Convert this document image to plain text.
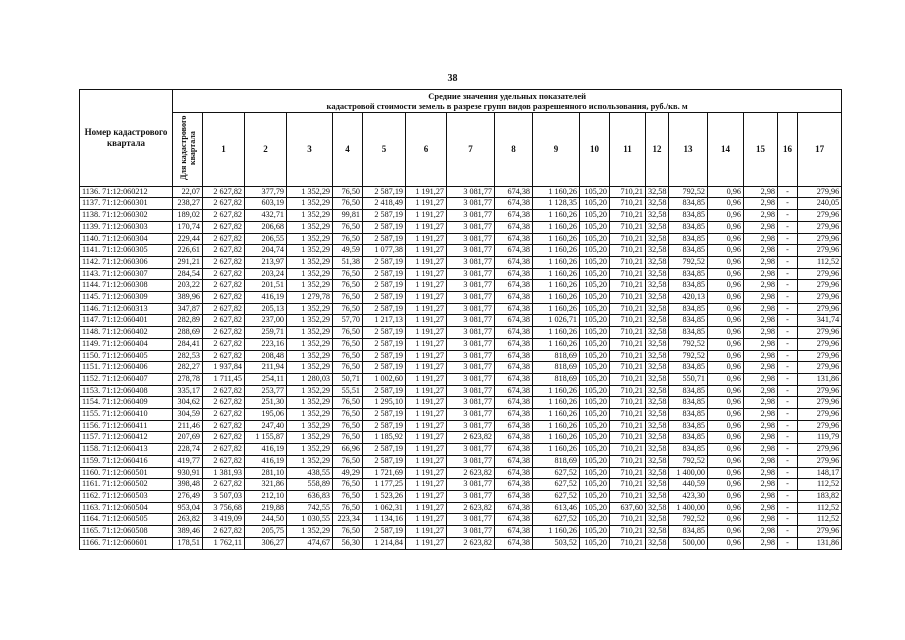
38
Номер кадастрового квартала	Средние значения удельных показателей
кадастровой стоимости земель в разрезе групп видов разрешенного использования, руб./кв. м																	

	Для кадастрового квартала	1	2	3	4	5	6	7	8	9	10	11	12	13	14	15	16	17
1136. 71:12:060212	22,07	2 627,82	377,79	1 352,29	76,50	2 587,19	1 191,27	3 081,77	674,38	1 160,26	105,20	710,21	32,58	792,52	0,96	2,98	-	279,96
1137. 71:12:060301	238,27	2 627,82	603,19	1 352,29	76,50	2 418,49	1 191,27	3 081,77	674,38	1 128,35	105,20	710,21	32,58	834,85	0,96	2,98	-	240,05
1138. 71:12:060302	189,02	2 627,82	432,71	1 352,29	99,81	2 587,19	1 191,27	3 081,77	674,38	1 160,26	105,20	710,21	32,58	834,85	0,96	2,98	-	279,96
1139. 71:12:060303	170,74	2 627,82	206,68	1 352,29	76,50	2 587,19	1 191,27	3 081,77	674,38	1 160,26	105,20	710,21	32,58	834,85	0,96	2,98	-	279,96
1140. 71:12:060304	229,44	2 627,82	206,55	1 352,29	76,50	2 587,19	1 191,27	3 081,77	674,38	1 160,26	105,20	710,21	32,58	834,85	0,96	2,98	-	279,96
1141. 71:12:060305	226,61	2 627,82	204,74	1 352,29	49,59	1 077,38	1 191,27	3 081,77	674,38	1 160,26	105,20	710,21	32,58	834,85	0,96	2,98	-	279,96
1142. 71:12:060306	291,21	2 627,82	213,97	1 352,29	51,38	2 587,19	1 191,27	3 081,77	674,38	1 160,26	105,20	710,21	32,58	792,52	0,96	2,98	-	112,52
1143. 71:12:060307	284,54	2 627,82	203,24	1 352,29	76,50	2 587,19	1 191,27	3 081,77	674,38	1 160,26	105,20	710,21	32,58	834,85	0,96	2,98	-	279,96
1144. 71:12:060308	203,22	2 627,82	201,51	1 352,29	76,50	2 587,19	1 191,27	3 081,77	674,38	1 160,26	105,20	710,21	32,58	834,85	0,96	2,98	-	279,96
1145. 71:12:060309	389,96	2 627,82	416,19	1 279,78	76,50	2 587,19	1 191,27	3 081,77	674,38	1 160,26	105,20	710,21	32,58	420,13	0,96	2,98	-	279,96
1146. 71:12:060313	347,87	2 627,82	205,13	1 352,29	76,50	2 587,19	1 191,27	3 081,77	674,38	1 160,26	105,20	710,21	32,58	834,85	0,96	2,98	-	279,96
1147. 71:12:060401	282,89	2 627,82	237,00	1 352,29	57,70	1 217,13	1 191,27	3 081,77	674,38	1 026,71	105,20	710,21	32,58	834,85	0,96	2,98	-	341,74
1148. 71:12:060402	288,69	2 627,82	259,71	1 352,29	76,50	2 587,19	1 191,27	3 081,77	674,38	1 160,26	105,20	710,21	32,58	834,85	0,96	2,98	-	279,96
1149. 71:12:060404	284,41	2 627,82	223,16	1 352,29	76,50	2 587,19	1 191,27	3 081,77	674,38	1 160,26	105,20	710,21	32,58	792,52	0,96	2,98	-	279,96
1150. 71:12:060405	282,53	2 627,82	208,48	1 352,29	76,50	2 587,19	1 191,27	3 081,77	674,38	818,69	105,20	710,21	32,58	792,52	0,96	2,98	-	279,96
1151. 71:12:060406	282,27	1 937,84	211,94	1 352,29	76,50	2 587,19	1 191,27	3 081,77	674,38	818,69	105,20	710,21	32,58	834,85	0,96	2,98	-	279,96
1152. 71:12:060407	278,78	1 711,45	254,11	1 280,03	50,71	1 002,60	1 191,27	3 081,77	674,38	818,69	105,20	710,21	32,58	550,71	0,96	2,98	-	131,86
1153. 71:12:060408	335,17	2 627,82	253,77	1 352,29	55,51	2 587,19	1 191,27	3 081,77	674,38	1 160,26	105,20	710,21	32,58	834,85	0,96	2,98	-	279,96
1154. 71:12:060409	304,62	2 627,82	251,30	1 352,29	76,50	1 295,10	1 191,27	3 081,77	674,38	1 160,26	105,20	710,21	32,58	834,85	0,96	2,98	-	279,96
1155. 71:12:060410	304,59	2 627,82	195,06	1 352,29	76,50	2 587,19	1 191,27	3 081,77	674,38	1 160,26	105,20	710,21	32,58	834,85	0,96	2,98	-	279,96
1156. 71:12:060411	211,46	2 627,82	247,40	1 352,29	76,50	2 587,19	1 191,27	3 081,77	674,38	1 160,26	105,20	710,21	32,58	834,85	0,96	2,98	-	279,96
1157. 71:12:060412	207,69	2 627,82	1 155,87	1 352,29	76,50	1 185,92	1 191,27	2 623,82	674,38	1 160,26	105,20	710,21	32,58	834,85	0,96	2,98	-	119,79
1158. 71:12:060413	228,74	2 627,82	416,19	1 352,29	66,96	2 587,19	1 191,27	3 081,77	674,38	1 160,26	105,20	710,21	32,58	834,85	0,96	2,98	-	279,96
1159. 71:12:060416	419,77	2 627,82	416,19	1 352,29	76,50	2 587,19	1 191,27	3 081,77	674,38	818,69	105,20	710,21	32,58	792,52	0,96	2,98	-	279,96
1160. 71:12:060501	930,91	1 381,93	281,10	438,55	49,29	1 721,69	1 191,27	2 623,82	674,38	627,52	105,20	710,21	32,58	1 400,00	0,96	2,98	-	148,17
1161. 71:12:060502	398,48	2 627,82	321,86	558,89	76,50	1 177,25	1 191,27	3 081,77	674,38	627,52	105,20	710,21	32,58	440,59	0,96	2,98	-	112,52
1162. 71:12:060503	276,49	3 507,03	212,10	636,83	76,50	1 523,26	1 191,27	3 081,77	674,38	627,52	105,20	710,21	32,58	423,30	0,96	2,98	-	183,82
1163. 71:12:060504	953,04	3 756,68	219,88	742,55	76,50	1 062,31	1 191,27	2 623,82	674,38	613,46	105,20	637,60	32,58	1 400,00	0,96	2,98	-	112,52
1164. 71:12:060505	263,82	3 419,09	244,50	1 030,55	223,34	1 134,16	1 191,27	3 081,77	674,38	627,52	105,20	710,21	32,58	792,52	0,96	2,98	-	112,52
1165. 71:12:060508	389,46	2 627,82	205,75	1 352,29	76,50	2 587,19	1 191,27	3 081,77	674,38	1 160,26	105,20	710,21	32,58	834,85	0,96	2,98	-	279,96
1166. 71:12:060601	178,51	1 762,11	306,27	474,67	56,30	1 214,84	1 191,27	2 623,82	674,38	503,52	105,20	710,21	32,58	500,00	0,96	2,98	-	131,86
